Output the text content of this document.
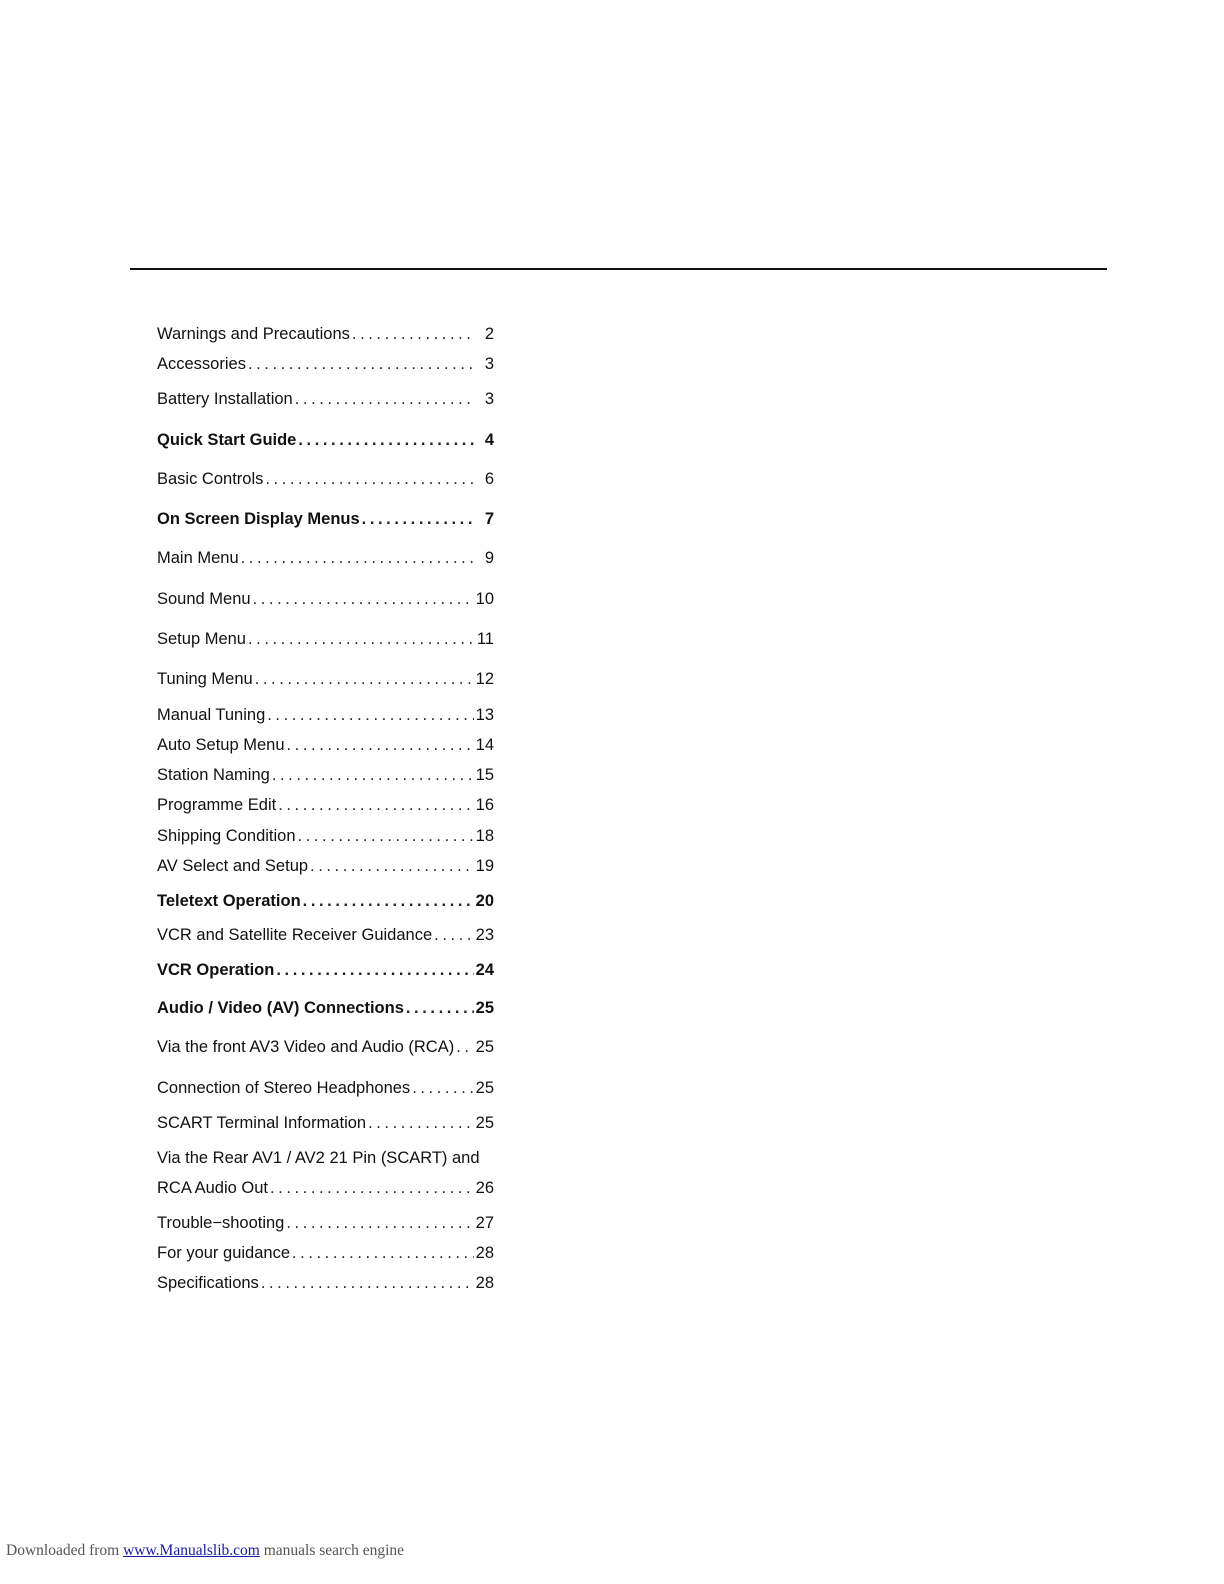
Warnings and Precautions . . .	2
Accessories . . .	3
Battery Installation . . .	3
Quick Start Guide . . .	4
Basic Controls . . .	6
On Screen Display Menus . . .	7
Main Menu . . .	9
Sound Menu . . .	10
Setup Menu . . .	11
Tuning Menu . . .	12
Manual Tuning . . .	13
Auto Setup Menu . . .	14
Station Naming . . .	15
Programme Edit . . .	16
Shipping Condition . . .	18
AV Select and Setup . . .	19
Teletext Operation . . .	20
VCR and Satellite Receiver Guidance . . .	23
VCR Operation . . .	24
Audio / Video (AV) Connections . . .	25
Via the front AV3 Video and Audio (RCA) . . . 25
Connection of Stereo Headphones . . .	25
SCART Terminal Information . . .	25
Via the Rear AV1 / AV2 21 Pin (SCART) and
RCA Audio Out . . .	26
Trouble−shooting . . .	27
For your guidance . . .	28
Specifications . . .	28
Downloaded from www.Manualslib.com manuals search engine
